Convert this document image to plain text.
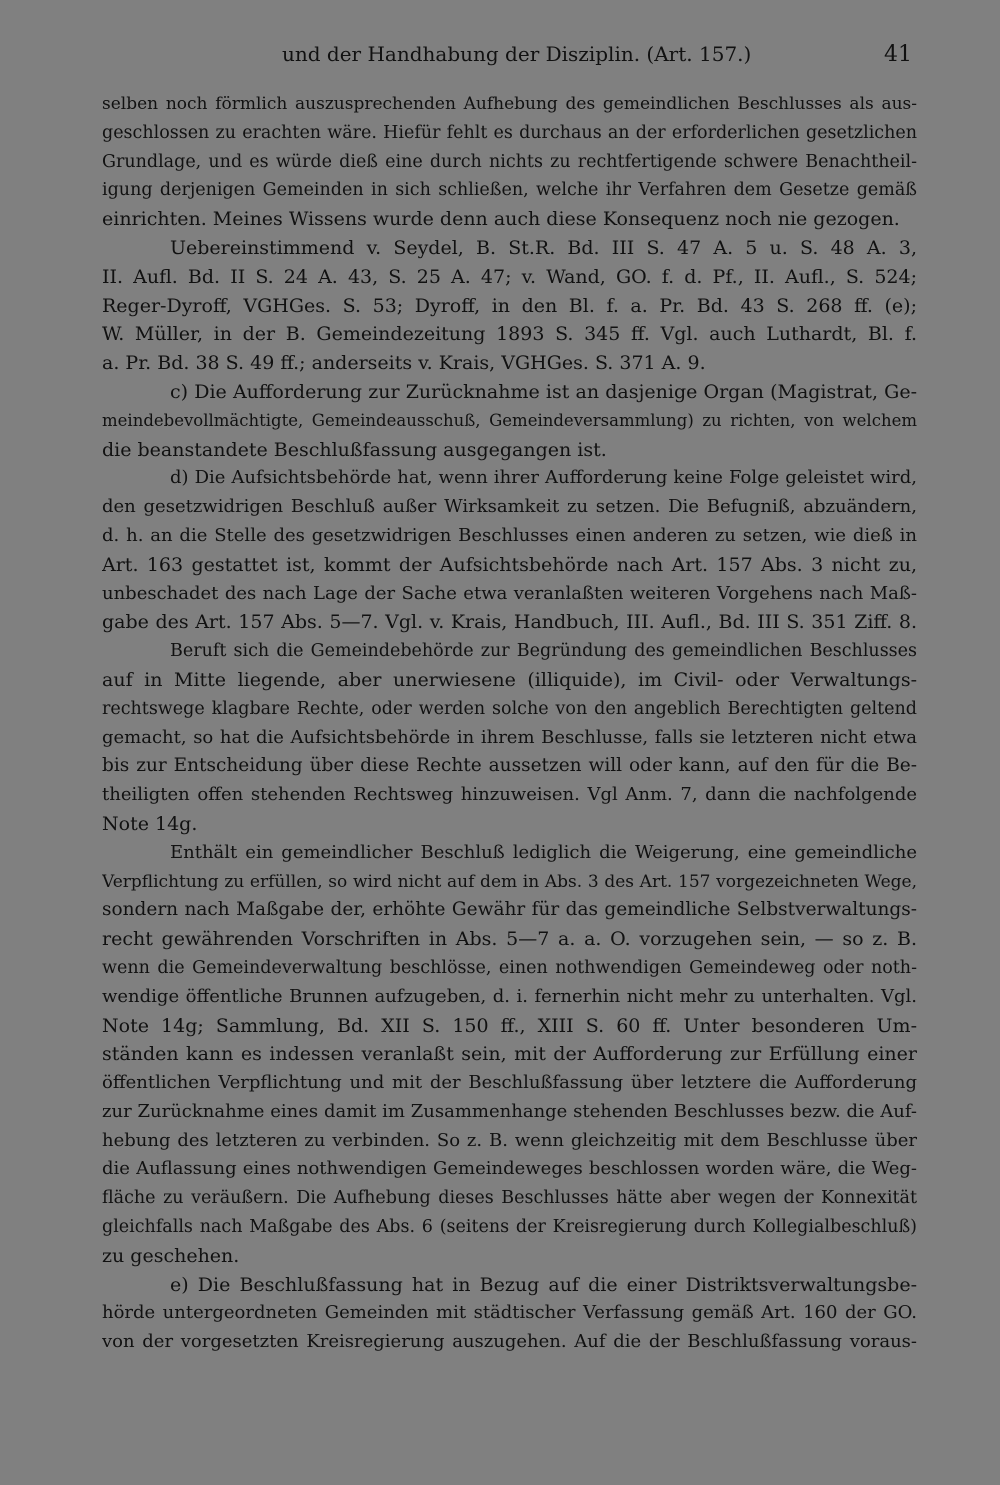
und der Handhabung der Disziplin. (Art. 157.)	41
selben noch förmlich auszusprechenden Aufhebung des gemeindlichen Beschlusses als aus-
geschlossen zu erachten wäre. Hiefür fehlt es durchaus an der erforderlichen gesetzlichen
Grundlage, und es würde dieß eine durch nichts zu rechtfertigende schwere Benachtheil-
igung derjenigen Gemeinden in sich schließen, welche ihr Verfahren dem Gesetze gemäß
einrichten. Meines Wissens wurde denn auch diese Konsequenz noch nie gezogen.
Uebereinstimmend v. Seydel, B. St.R. Bd. III S. 47 A. 5 u. S. 48 A. 3,
II. Aufl. Bd. II S. 24 A. 43, S. 25 A. 47; v. Wand, GO. f. d. Pf., II. Aufl., S. 524;
Reger-Dyroff, VGHGes. S. 53; Dyroff, in den Bl. f. a. Pr. Bd. 43 S. 268 ff. (e);
W. Müller, in der B. Gemeindezeitung 1893 S. 345 ff. Vgl. auch Luthardt, Bl. f.
a. Pr. Bd. 38 S. 49 ff.; anderseits v. Krais, VGHGes. S. 371 A. 9.
c) Die Aufforderung zur Zurücknahme ist an dasjenige Organ (Magistrat, Ge-
meindebevollmächtigte, Gemeindeausschuß, Gemeindeversammlung) zu richten, von welchem
die beanstandete Beschlußfassung ausgegangen ist.
d) Die Aufsichtsbehörde hat, wenn ihrer Aufforderung keine Folge geleistet wird,
den gesetzwidrigen Beschluß außer Wirksamkeit zu setzen. Die Befugniß, abzuändern,
d. h. an die Stelle des gesetzwidrigen Beschlusses einen anderen zu setzen, wie dieß in
Art. 163 gestattet ist, kommt der Aufsichtsbehörde nach Art. 157 Abs. 3 nicht zu,
unbeschadet des nach Lage der Sache etwa veranlaßten weiteren Vorgehens nach Maß-
gabe des Art. 157 Abs. 5—7. Vgl. v. Krais, Handbuch, III. Aufl., Bd. III S. 351 Ziff. 8.
Beruft sich die Gemeindebehörde zur Begründung des gemeindlichen Beschlusses
auf in Mitte liegende, aber unerwiesene (illiquide), im Civil- oder Verwaltungs-
rechtswege klagbare Rechte, oder werden solche von den angeblich Berechtigten geltend
gemacht, so hat die Aufsichtsbehörde in ihrem Beschlusse, falls sie letzteren nicht etwa
bis zur Entscheidung über diese Rechte aussetzen will oder kann, auf den für die Be-
theiligten offen stehenden Rechtsweg hinzuweisen. Vgl Anm. 7, dann die nachfolgende
Note 14g.
Enthält ein gemeindlicher Beschluß lediglich die Weigerung, eine gemeindliche
Verpflichtung zu erfüllen, so wird nicht auf dem in Abs. 3 des Art. 157 vorgezeichneten Wege,
sondern nach Maßgabe der, erhöhte Gewähr für das gemeindliche Selbstverwaltungs-
recht gewährenden Vorschriften in Abs. 5—7 a. a. O. vorzugehen sein, — so z. B.
wenn die Gemeindeverwaltung beschlösse, einen nothwendigen Gemeindeweg oder noth-
wendige öffentliche Brunnen aufzugeben, d. i. fernerhin nicht mehr zu unterhalten. Vgl.
Note 14g; Sammlung, Bd. XII S. 150 ff., XIII S. 60 ff. Unter besonderen Um-
ständen kann es indessen veranlaßt sein, mit der Aufforderung zur Erfüllung einer
öffentlichen Verpflichtung und mit der Beschlußfassung über letztere die Aufforderung
zur Zurücknahme eines damit im Zusammenhange stehenden Beschlusses bezw. die Auf-
hebung des letzteren zu verbinden. So z. B. wenn gleichzeitig mit dem Beschlusse über
die Auflassung eines nothwendigen Gemeindeweges beschlossen worden wäre, die Weg-
fläche zu veräußern. Die Aufhebung dieses Beschlusses hätte aber wegen der Konnexität
gleichfalls nach Maßgabe des Abs. 6 (seitens der Kreisregierung durch Kollegialbeschluß)
zu geschehen.
e) Die Beschlußfassung hat in Bezug auf die einer Distriktsverwaltungsbe-
hörde untergeordneten Gemeinden mit städtischer Verfassung gemäß Art. 160 der GO.
von der vorgesetzten Kreisregierung auszugehen. Auf die der Beschlußfassung voraus-
